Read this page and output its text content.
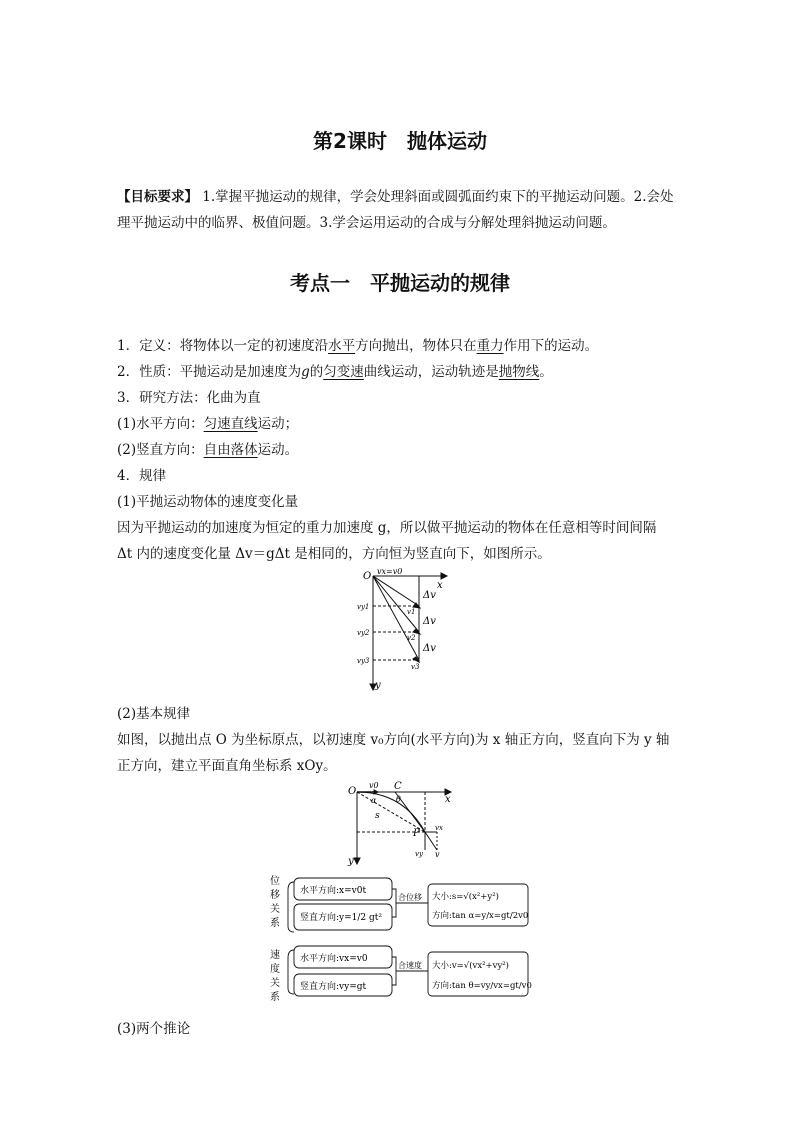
第2课时　抛体运动
【目标要求】 1.掌握平抛运动的规律，学会处理斜面或圆弧面约束下的平抛运动问题。2.会处理平抛运动中的临界、极值问题。3.学会运用运动的合成与分解处理斜抛运动问题。
考点一　平抛运动的规律
1．定义：将物体以一定的初速度沿水平方向抛出，物体只在重力作用下的运动。
2．性质：平抛运动是加速度为g的匀变速曲线运动，运动轨迹是抛物线。
3．研究方法：化曲为直
(1)水平方向：匀速直线运动；
(2)竖直方向：自由落体运动。
4．规律
(1)平抛运动物体的速度变化量
因为平抛运动的加速度为恒定的重力加速度 g，所以做平抛运动的物体在任意相等时间间隔
Δt 内的速度变化量 Δv＝gΔt 是相同的，方向恒为竖直向下，如图所示。
O vx=v0
x
y
Δv
Δv
Δv
vy1
vy2
vy3
v1
v2
v3
(2)基本规律
如图，以抛出点 O 为坐标原点，以初速度 v₀方向(水平方向)为 x 轴正方向，竖直向下为 y 轴
正方向，建立平面直角坐标系 xOy。
O
v0 C
α θ
s
P
x
y
vx
vy v
位
移
关
系
水平方向:x=v0t
竖直方向:y=1/2 gt²
合位移 大小:s=√(x²+y²)
方向:tan α=y/x=gt/2v0
速
度
关
系
水平方向:vx=v0
竖直方向:vy=gt
合速度 大小:v=√(vx²+vy²)
方向:tan θ=vy/vx=gt/v0
(3)两个推论
